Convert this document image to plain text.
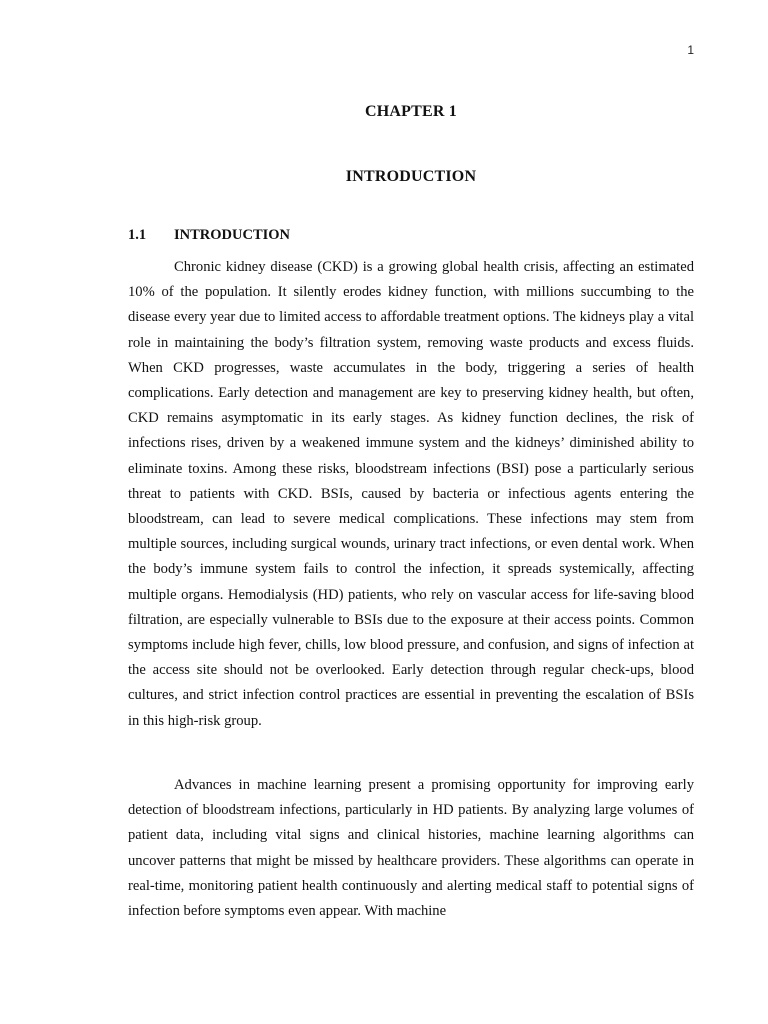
1
CHAPTER 1
INTRODUCTION
1.1	INTRODUCTION

Chronic kidney disease (CKD) is a growing global health crisis, affecting an estimated 10% of the population. It silently erodes kidney function, with millions succumbing to the disease every year due to limited access to affordable treatment options. The kidneys play a vital role in maintaining the body’s filtration system, removing waste products and excess fluids. When CKD progresses, waste accumulates in the body, triggering a series of health complications. Early detection and management are key to preserving kidney health, but often, CKD remains asymptomatic in its early stages. As kidney function declines, the risk of infections rises, driven by a weakened immune system and the kidneys’ diminished ability to eliminate toxins. Among these risks, bloodstream infections (BSI) pose a particularly serious threat to patients with CKD. BSIs, caused by bacteria or infectious agents entering the bloodstream, can lead to severe medical complications. These infections may stem from multiple sources, including surgical wounds, urinary tract infections, or even dental work. When the body’s immune system fails to control the infection, it spreads systemically, affecting multiple organs. Hemodialysis (HD) patients, who rely on vascular access for life-saving blood filtration, are especially vulnerable to BSIs due to the exposure at their access points. Common symptoms include high fever, chills, low blood pressure, and confusion, and signs of infection at the access site should not be overlooked. Early detection through regular check-ups, blood cultures, and strict infection control practices are essential in preventing the escalation of BSIs in this high-risk group.

Advances in machine learning present a promising opportunity for improving early detection of bloodstream infections, particularly in HD patients. By analyzing large volumes of patient data, including vital signs and clinical histories, machine learning algorithms can uncover patterns that might be missed by healthcare providers. These algorithms can operate in real-time, monitoring patient health continuously and alerting medical staff to potential signs of infection before symptoms even appear. With machine
